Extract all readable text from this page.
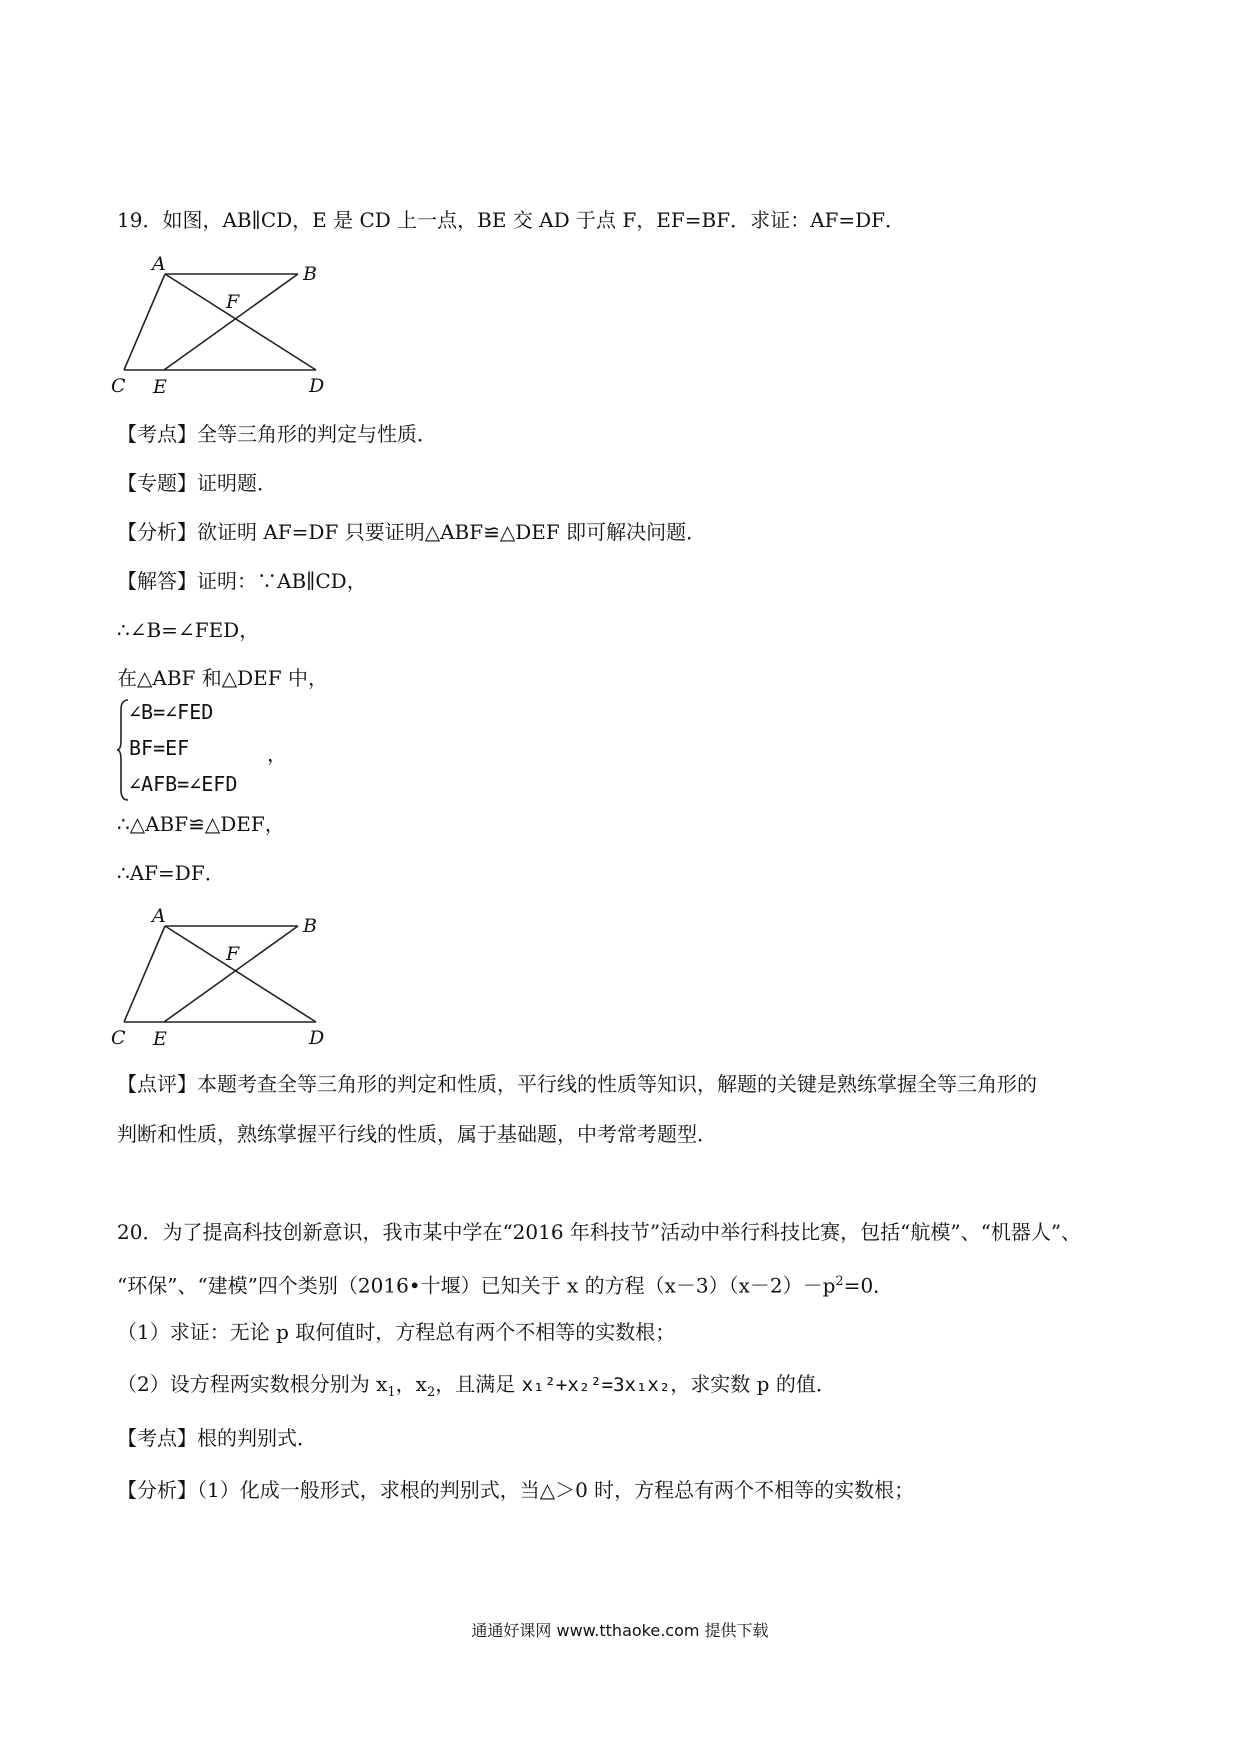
19．如图，AB∥CD，E 是 CD 上一点，BE 交 AD 于点 F，EF=BF．求证：AF=DF．
A	B
F
C E	D
【考点】全等三角形的判定与性质．
【专题】证明题．
【分析】欲证明 AF=DF 只要证明△ABF≌△DEF 即可解决问题．
【解答】证明：∵AB∥CD，
∴∠B=∠FED，
在△ABF 和△DEF 中，
∠B=∠FED
BF=EF
∠AFB=∠EFD
，
∴△ABF≌△DEF，
∴AF=DF．
A	B
F
C E	D
【点评】本题考查全等三角形的判定和性质，平行线的性质等知识，解题的关键是熟练掌握全等三角形的
判断和性质，熟练掌握平行线的性质，属于基础题，中考常考题型．
20．为了提高科技创新意识，我市某中学在“2016 年科技节”活动中举行科技比赛，包括“航模”、“机器人”、
“环保”、“建模”四个类别（2016•十堰）已知关于 x 的方程$(x-3)(x-2)-p^2=0$．
（1）求证：无论 p 取何值时，方程总有两个不相等的实数根；
（2）设方程两实数根分别为 $x_1$，$x_2$，且满足 x₁²+x₂²=3x₁x₂，求实数 p 的值．
【考点】根的判别式．
【分析】（1）化成一般形式，求根的判别式，当△＞0 时，方程总有两个不相等的实数根；
通通好课网 www.tthaoke.com 提供下载
